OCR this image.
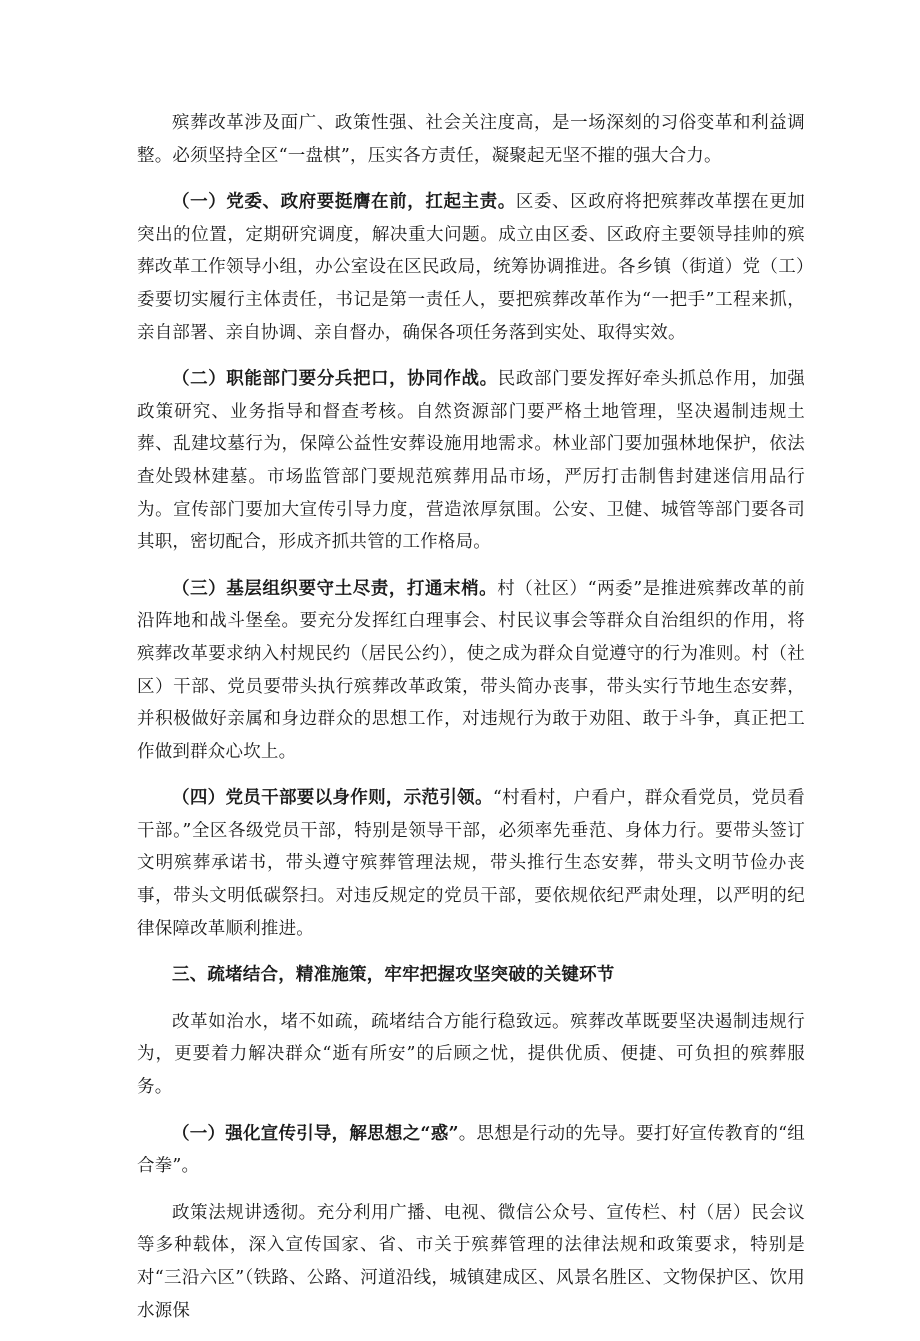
殡葬改革涉及面广、政策性强、社会关注度高，是一场深刻的习俗变革和利益调整。必须坚持全区“一盘棋”，压实各方责任，凝聚起无坚不摧的强大合力。

（一）党委、政府要挺膺在前，扛起主责。区委、区政府将把殡葬改革摆在更加突出的位置，定期研究调度，解决重大问题。成立由区委、区政府主要领导挂帅的殡葬改革工作领导小组，办公室设在区民政局，统筹协调推进。各乡镇（街道）党（工）委要切实履行主体责任，书记是第一责任人，要把殡葬改革作为“一把手”工程来抓，亲自部署、亲自协调、亲自督办，确保各项任务落到实处、取得实效。

（二）职能部门要分兵把口，协同作战。民政部门要发挥好牵头抓总作用，加强政策研究、业务指导和督查考核。自然资源部门要严格土地管理，坚决遏制违规土葬、乱建坟墓行为，保障公益性安葬设施用地需求。林业部门要加强林地保护，依法查处毁林建墓。市场监管部门要规范殡葬用品市场，严厉打击制售封建迷信用品行为。宣传部门要加大宣传引导力度，营造浓厚氛围。公安、卫健、城管等部门要各司其职，密切配合，形成齐抓共管的工作格局。

（三）基层组织要守土尽责，打通末梢。村（社区）“两委”是推进殡葬改革的前沿阵地和战斗堡垒。要充分发挥红白理事会、村民议事会等群众自治组织的作用，将殡葬改革要求纳入村规民约（居民公约），使之成为群众自觉遵守的行为准则。村（社区）干部、党员要带头执行殡葬改革政策，带头简办丧事，带头实行节地生态安葬，并积极做好亲属和身边群众的思想工作，对违规行为敢于劝阻、敢于斗争，真正把工作做到群众心坎上。

（四）党员干部要以身作则，示范引领。“村看村，户看户，群众看党员，党员看干部。”全区各级党员干部，特别是领导干部，必须率先垂范、身体力行。要带头签订文明殡葬承诺书，带头遵守殡葬管理法规，带头推行生态安葬，带头文明节俭办丧事，带头文明低碳祭扫。对违反规定的党员干部，要依规依纪严肃处理，以严明的纪律保障改革顺利推进。

三、疏堵结合，精准施策，牢牢把握攻坚突破的关键环节

改革如治水，堵不如疏，疏堵结合方能行稳致远。殡葬改革既要坚决遏制违规行为，更要着力解决群众“逝有所安”的后顾之忧，提供优质、便捷、可负担的殡葬服务。

（一）强化宣传引导，解思想之“惑”。思想是行动的先导。要打好宣传教育的“组合拳”。

政策法规讲透彻。充分利用广播、电视、微信公众号、宣传栏、村（居）民会议等多种载体，深入宣传国家、省、市关于殡葬管理的法律法规和政策要求，特别是对“三沿六区”（铁路、公路、河道沿线，城镇建成区、风景名胜区、文物保护区、饮用水源保
